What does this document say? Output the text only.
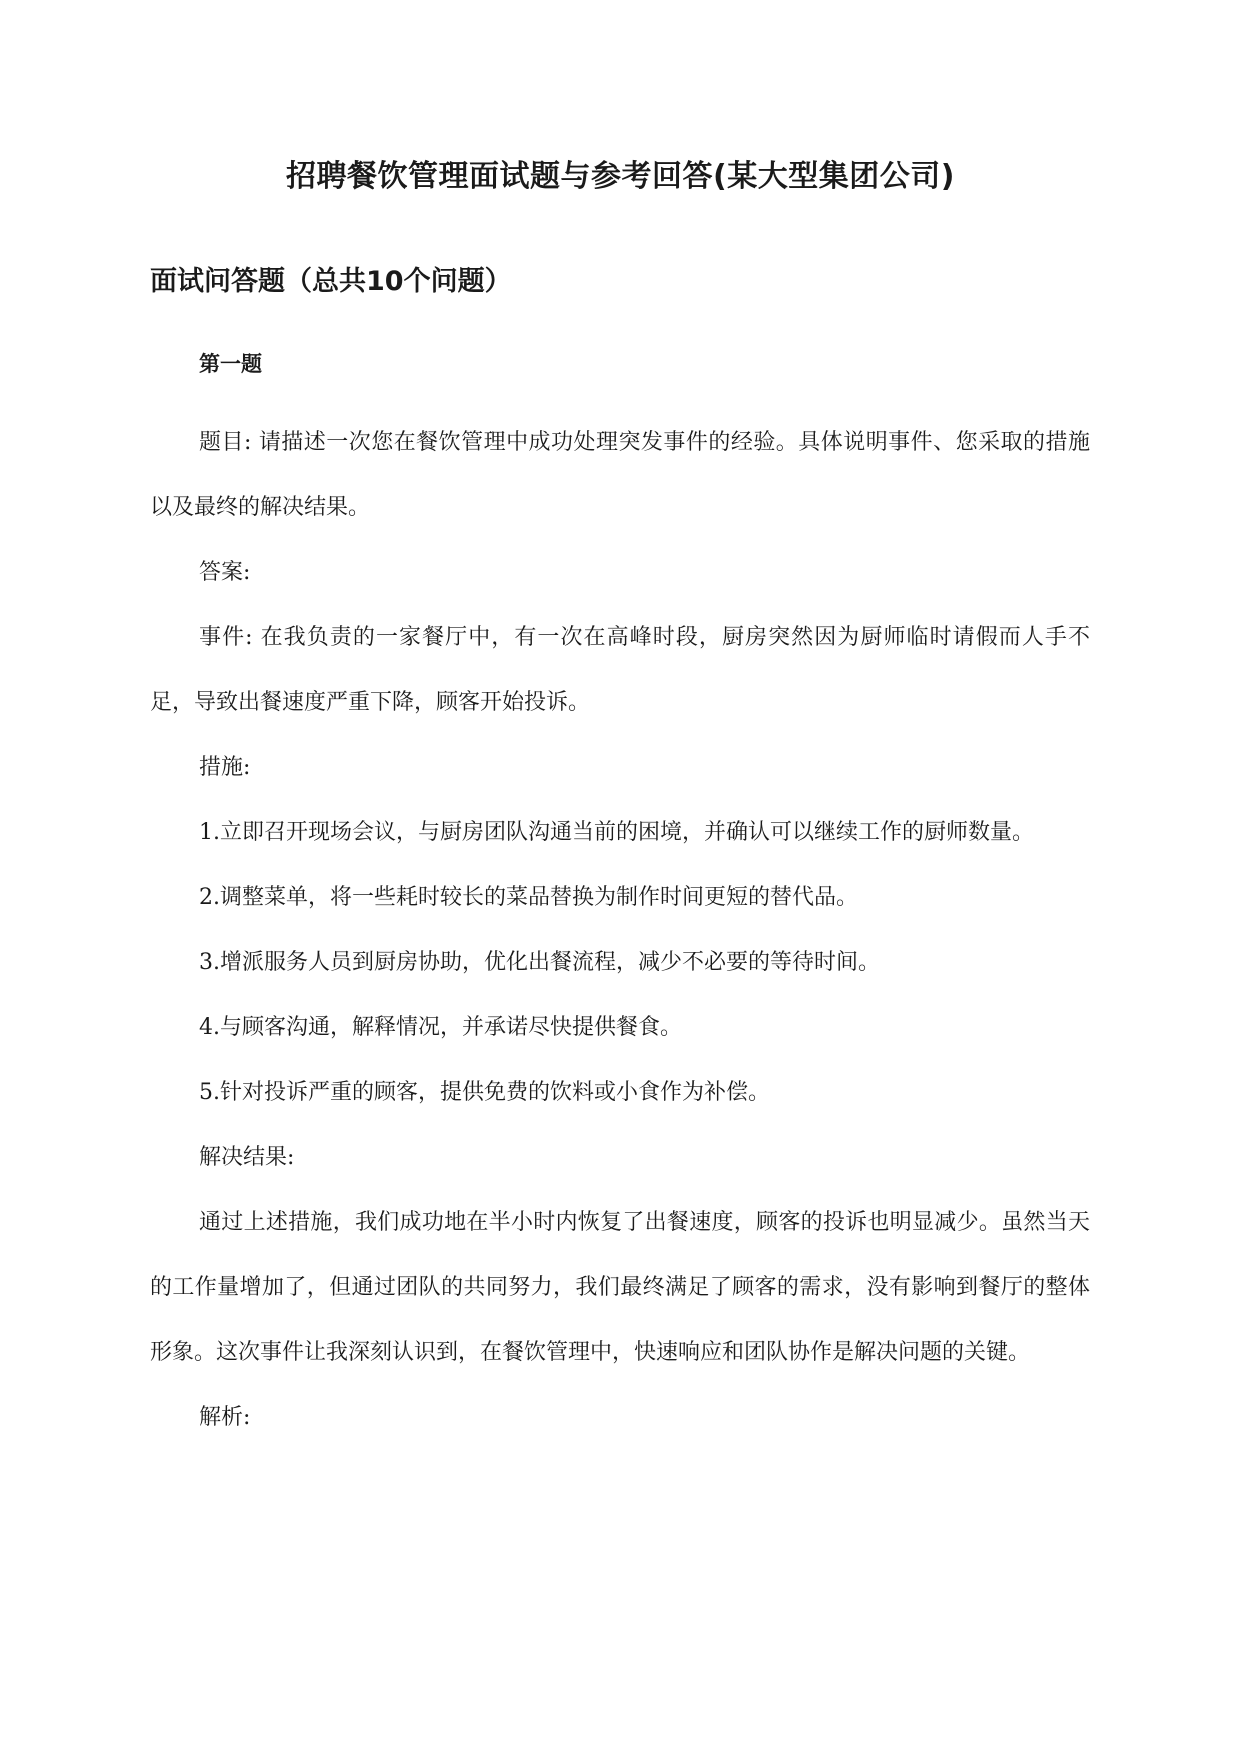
招聘餐饮管理面试题与参考回答(某大型集团公司)
面试问答题（总共10个问题）
第一题

题目: 请描述一次您在餐饮管理中成功处理突发事件的经验。具体说明事件、您采取的措施以及最终的解决结果。

答案:

事件: 在我负责的一家餐厅中，有一次在高峰时段，厨房突然因为厨师临时请假而人手不足，导致出餐速度严重下降，顾客开始投诉。

措施:

1.立即召开现场会议，与厨房团队沟通当前的困境，并确认可以继续工作的厨师数量。

2.调整菜单，将一些耗时较长的菜品替换为制作时间更短的替代品。

3.增派服务人员到厨房协助，优化出餐流程，减少不必要的等待时间。

4.与顾客沟通，解释情况，并承诺尽快提供餐食。

5.针对投诉严重的顾客，提供免费的饮料或小食作为补偿。

解决结果:

通过上述措施，我们成功地在半小时内恢复了出餐速度，顾客的投诉也明显减少。虽然当天的工作量增加了，但通过团队的共同努力，我们最终满足了顾客的需求，没有影响到餐厅的整体形象。这次事件让我深刻认识到，在餐饮管理中，快速响应和团队协作是解决问题的关键。

解析:
